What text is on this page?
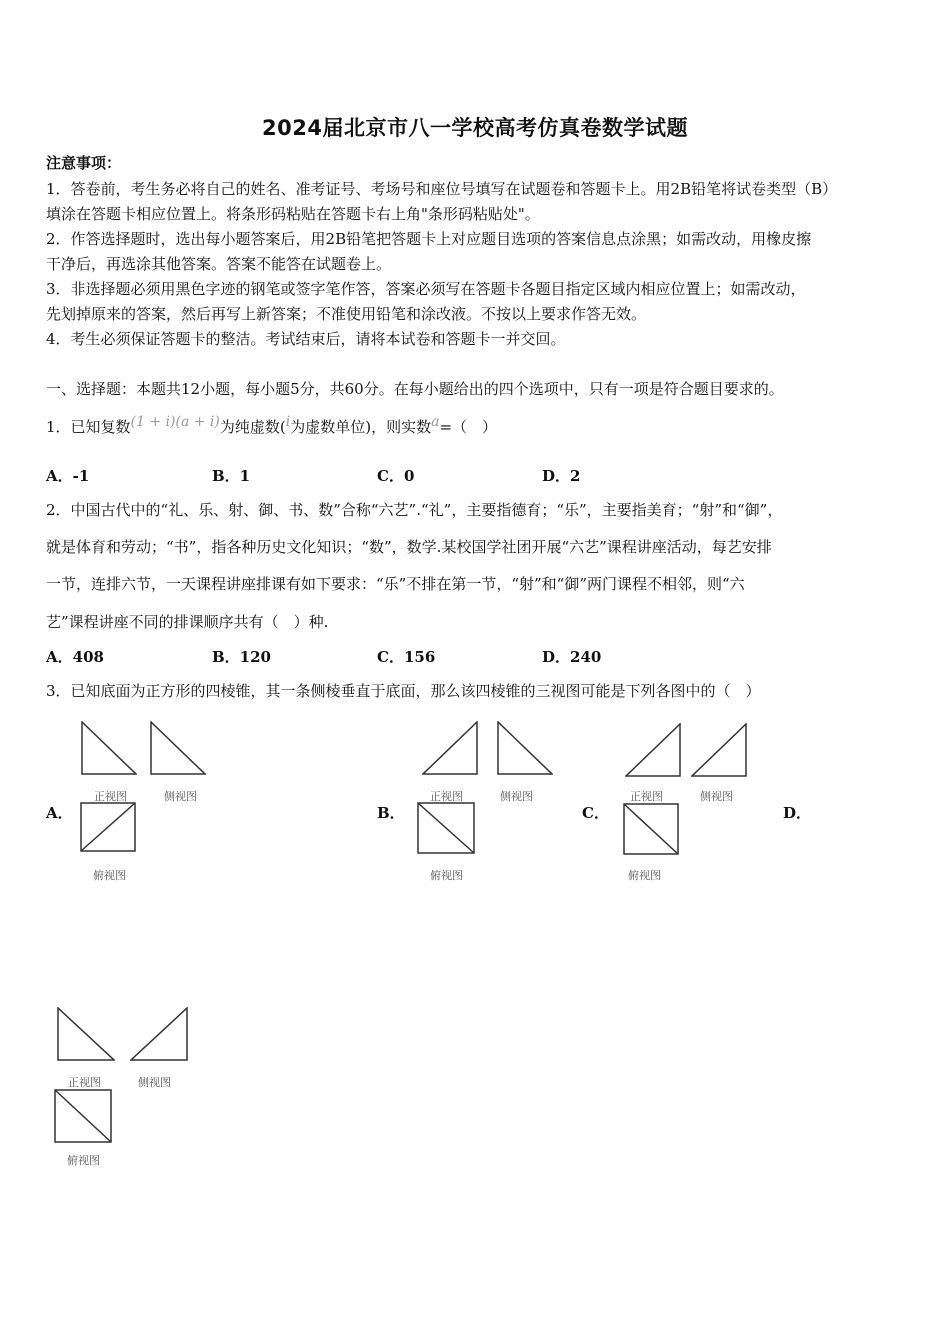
2024届北京市八一学校高考仿真卷数学试题
注意事项：
1．答卷前，考生务必将自己的姓名、准考证号、考场号和座位号填写在试题卷和答题卡上。用2B铅笔将试卷类型（B）
填涂在答题卡相应位置上。将条形码粘贴在答题卡右上角"条形码粘贴处"。
2．作答选择题时，选出每小题答案后，用2B铅笔把答题卡上对应题目选项的答案信息点涂黑；如需改动，用橡皮擦
干净后，再选涂其他答案。答案不能答在试题卷上。
3．非选择题必须用黑色字迹的钢笔或签字笔作答，答案必须写在答题卡各题目指定区域内相应位置上；如需改动，
先划掉原来的答案，然后再写上新答案；不准使用铅笔和涂改液。不按以上要求作答无效。
4．考生必须保证答题卡的整洁。考试结束后，请将本试卷和答题卡一并交回。
一、选择题：本题共12小题，每小题5分，共60分。在每小题给出的四个选项中，只有一项是符合题目要求的。
1．已知复数(1 + i)(a + i)为纯虚数(i为虚数单位)，则实数a=（　）
A．-1	B．1	C．0	D．2
2．中国古代中的“礼、乐、射、御、书、数”合称“六艺”.“礼”，主要指德育；“乐”，主要指美育；“射”和“御”，
就是体育和劳动；“书”，指各种历史文化知识；“数”，数学.某校国学社团开展“六艺”课程讲座活动，每艺安排
一节，连排六节，一天课程讲座排课有如下要求：“乐”不排在第一节，“射”和“御”两门课程不相邻，则“六
艺”课程讲座不同的排课顺序共有（　）种.
A．408	B．120	C．156	D．240
3．已知底面为正方形的四棱锥，其一条侧棱垂直于底面，那么该四棱锥的三视图可能是下列各图中的（　）
A．
正视图	侧视图
俯视图
B．
正视图	侧视图
俯视图
C．
正视图	侧视图
俯视图
D．
正视图	侧视图
俯视图
